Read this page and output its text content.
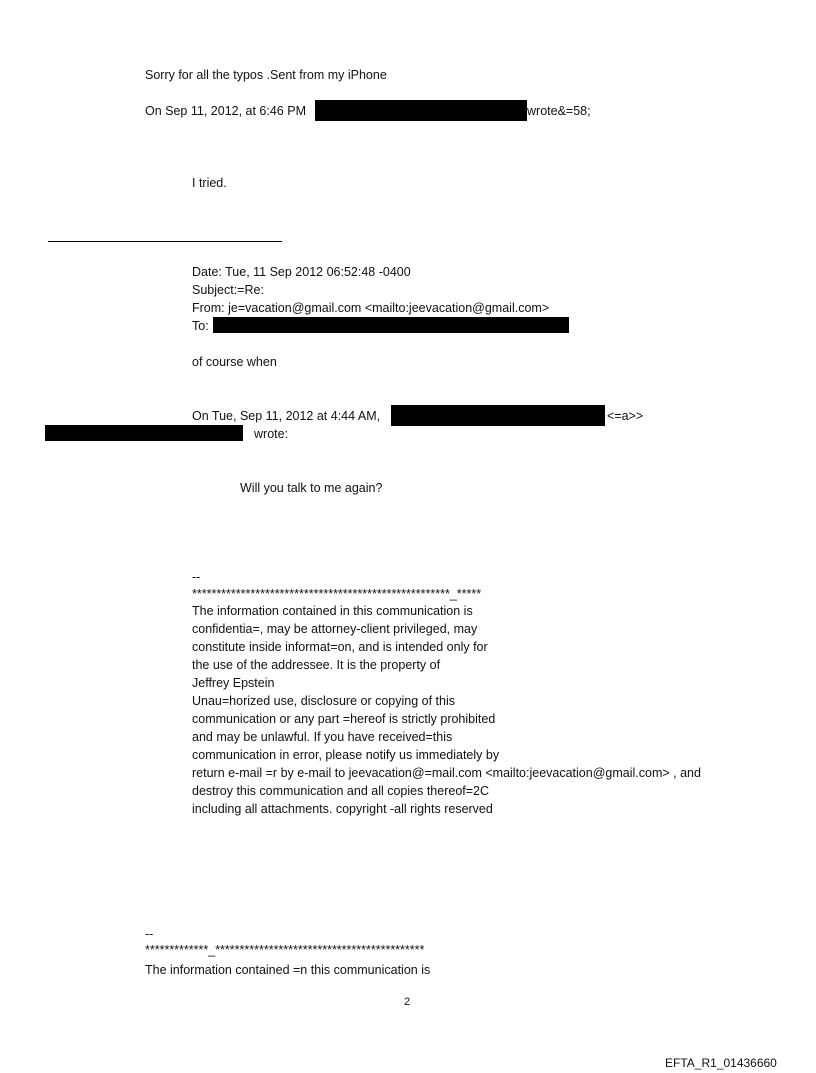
Sorry for all the typos .Sent from my iPhone
On Sep 11, 2012, at 6:46 PM	wrote&=58;
I tried.
Date: Tue, 11 Sep 2012 06:52:48 -0400
Subject:=Re:
From: je=vacation@gmail.com <mailto:jeevacation@gmail.com>
To:
of course when
On Tue, Sep 11, 2012 at 4:44 AM,	<=a>>
wrote:
Will you talk to me again?
--
*****************************************************_*****
The information contained in this communication is
confidentia=, may be attorney-client privileged, may
constitute inside informat=on, and is intended only for
the use of the addressee. It is the property of
Jeffrey Epstein
Unau=horized use, disclosure or copying of this
communication or any part =hereof is strictly prohibited
and may be unlawful. If you have received=this
communication in error, please notify us immediately by
return e-mail =r by e-mail to jeevacation@=mail.com <mailto:jeevacation@gmail.com> , and
destroy this communication and all copies thereof=2C
including all attachments. copyright -all rights reserved
--
*************_*******************************************
The information contained =n this communication is
2
EFTA_R1_01436660
